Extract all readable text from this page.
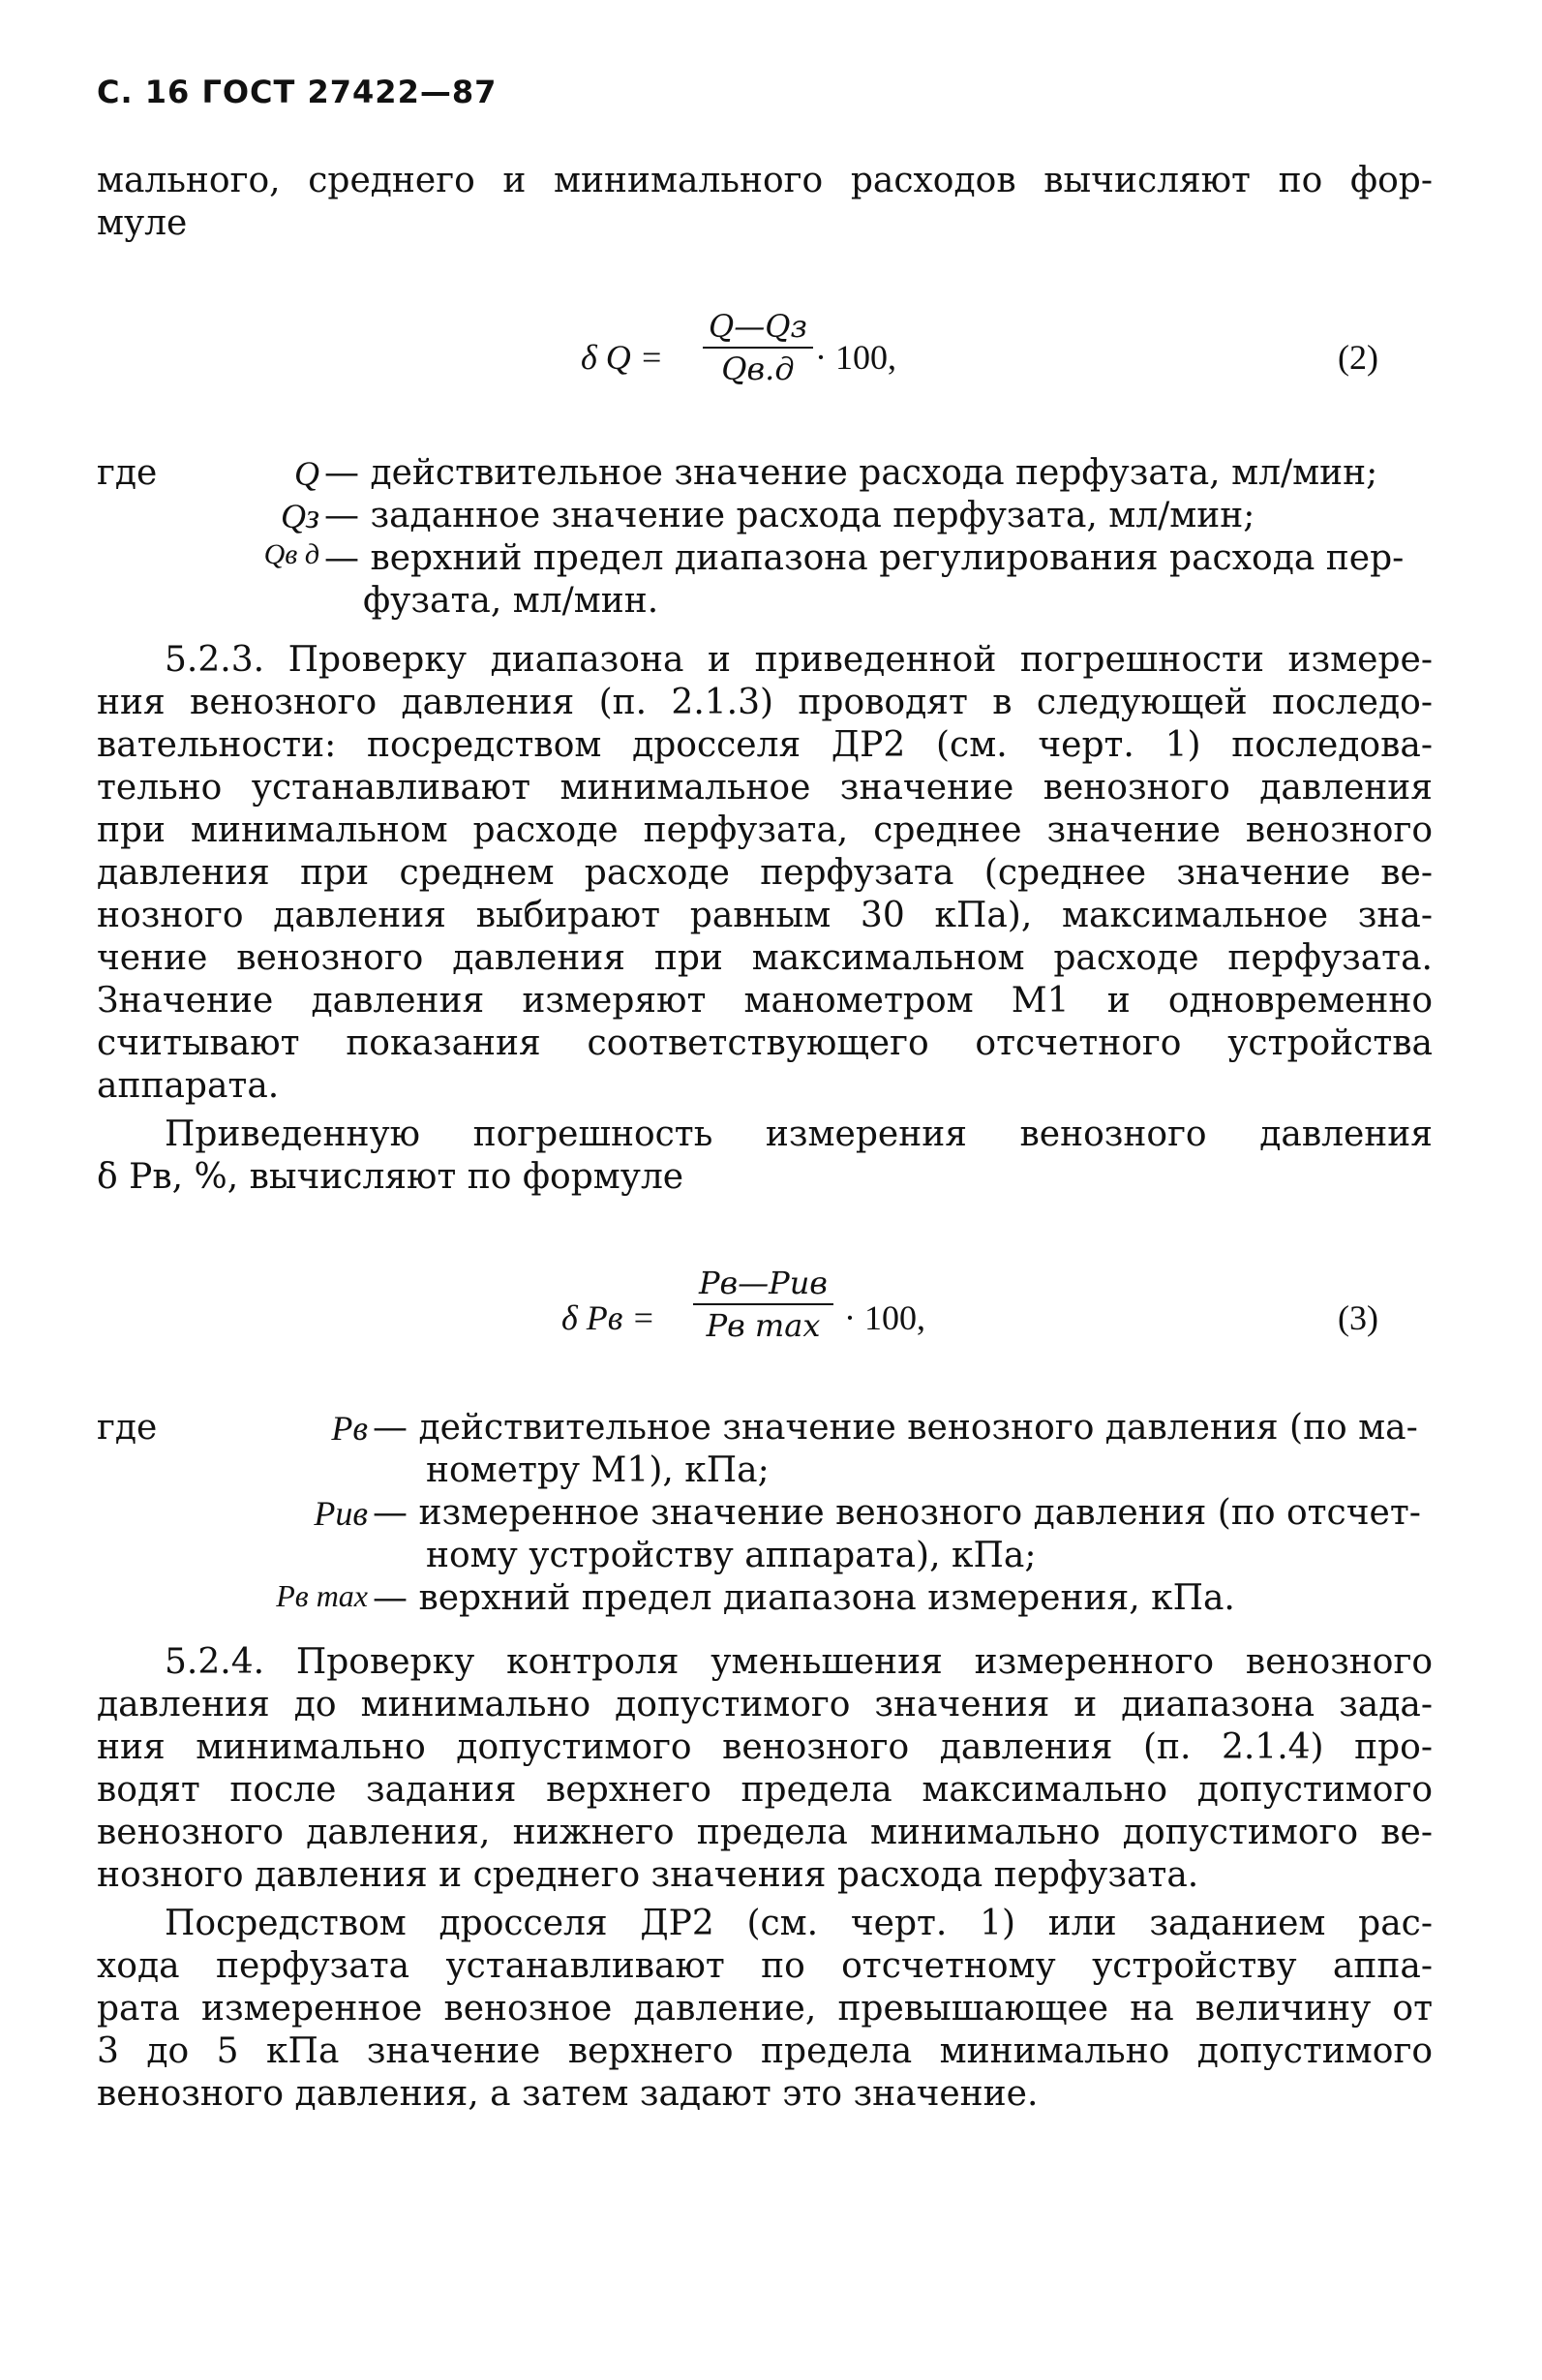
С. 16 ГОСТ 27422—87
мального, среднего и минимального расходов вычисляют по фор-
муле
δ Q =
Q—Qз
Qв.д · 100,	(2)
где	Q — действительное значение расхода перфузата, мл/мин;
Qз — заданное значение расхода перфузата, мл/мин;
Qв д — верхний предел диапазона регулирования расхода пер-
фузата, мл/мин.
5.2.3. Проверку диапазона и приведенной погрешности измере-
ния венозного давления (п. 2.1.3) проводят в следующей последо-
вательности: посредством дросселя ДР2 (см. черт. 1) последова-
тельно устанавливают минимальное значение венозного давления
при минимальном расходе перфузата, среднее значение венозного
давления при среднем расходе перфузата (среднее значение ве-
нозного давления выбирают равным 30 кПа), максимальное зна-
чение венозного давления при максимальном расходе перфузата.
Значение давления измеряют манометром М1 и одновременно
считывают показания соответствующего отсчетного устройства
аппарата.
Приведенную погрешность измерения венозного давления
δ Pв, %, вычисляют по формуле
δ Pв =
Pв—Pив
Pв max · 100,	(3)
где	Pв — действительное значение венозного давления (по ма-
нометру М1), кПа;
Pив — измеренное значение венозного давления (по отсчет-
ному устройству аппарата), кПа;
Pв max — верхний предел диапазона измерения, кПа.
5.2.4. Проверку контроля уменьшения измеренного венозного
давления до минимально допустимого значения и диапазона зада-
ния минимально допустимого венозного давления (п. 2.1.4) про-
водят после задания верхнего предела максимально допустимого
венозного давления, нижнего предела минимально допустимого ве-
нозного давления и среднего значения расхода перфузата.
Посредством дросселя ДР2 (см. черт. 1) или заданием рас-
хода перфузата устанавливают по отсчетному устройству аппа-
рата измеренное венозное давление, превышающее на величину от
3 до 5 кПа значение верхнего предела минимально допустимого
венозного давления, а затем задают это значение.
